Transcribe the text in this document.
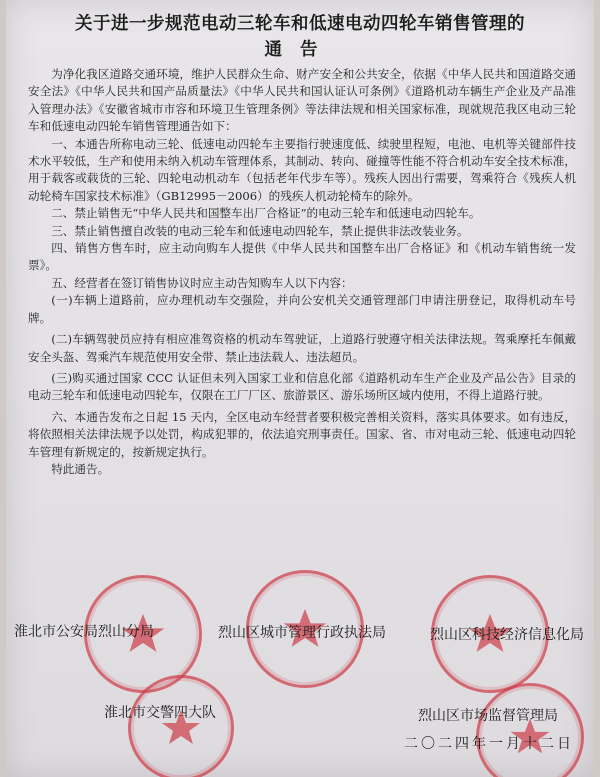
关于进一步规范电动三轮车和低速电动四轮车销售管理的
通告

为净化我区道路交通环境，维护人民群众生命、财产安全和公共安全，依据《中华人民共和国道路交通安全法》《中华人民共和国产品质量法》《中华人民共和国认证认可条例》《道路机动车辆生产企业及产品准入管理办法》《安徽省城市市容和环境卫生管理条例》等法律法规和相关国家标准，现就规范我区电动三轮车和低速电动四轮车销售管理通告如下：

一、本通告所称电动三轮、低速电动四轮车主要指行驶速度低、续驶里程短，电池、电机等关键部件技术水平较低，生产和使用未纳入机动车管理体系，其制动、转向、碰撞等性能不符合机动车安全技术标准，用于载客或载货的三轮、四轮电动机动车（包括老年代步车等）。残疾人因出行需要，驾乘符合《残疾人机动轮椅车国家技术标准》（GB12995－2006）的残疾人机动轮椅车的除外。

二、禁止销售无“中华人民共和国整车出厂合格证”的电动三轮车和低速电动四轮车。

三、禁止销售擅自改装的电动三轮车和低速电动四轮车，禁止提供非法改装业务。

四、销售方售车时，应主动向购车人提供《中华人民共和国整车出厂合格证》和《机动车销售统一发票》。

五、经营者在签订销售协议时应主动告知购车人以下内容：

(一)车辆上道路前，应办理机动车交强险，并向公安机关交通管理部门申请注册登记，取得机动车号牌。

(二)车辆驾驶员应持有相应准驾资格的机动车驾驶证，上道路行驶遵守相关法律法规。驾乘摩托车佩戴安全头盔、驾乘汽车规范使用安全带、禁止违法载人、违法超员。

(三)购买通过国家 CCC 认证但未列入国家工业和信息化部《道路机动车生产企业及产品公告》目录的电动三轮车和低速电动四轮车，仅限在工厂厂区、旅游景区、游乐场所区域内使用，不得上道路行驶。

六、本通告发布之日起 15 天内，全区电动车经营者要积极完善相关资料，落实具体要求。如有违反，将依照相关法律法规予以处罚，构成犯罪的，依法追究刑事责任。国家、省、市对电动三轮、低速电动四轮车管理有新规定的，按新规定执行。

特此通告。

淮北市公安局烈山分局	烈山区城市管理行政执法局	烈山区科技经济信息化局
淮北市交警四大队	烈山区市场监督管理局
二〇二四年一月十二日
